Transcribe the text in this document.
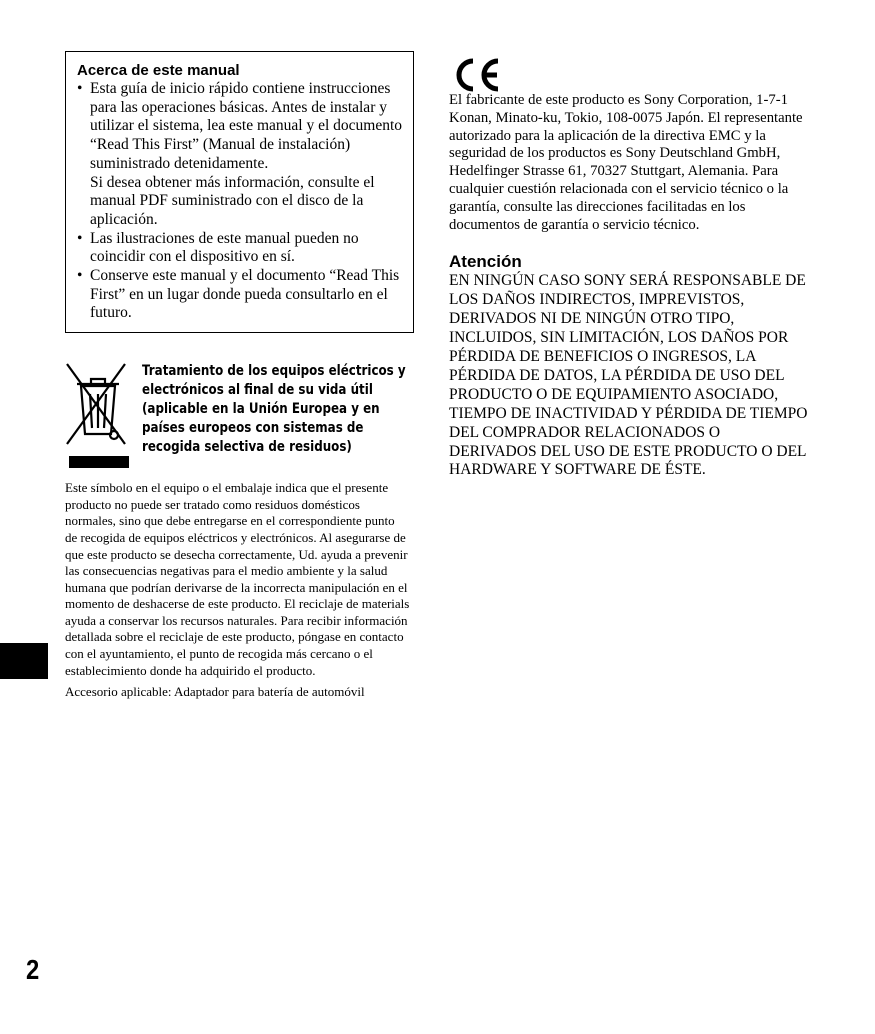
Acerca de este manual

• Esta guía de inicio rápido contiene instrucciones para las operaciones básicas. Antes de instalar y utilizar el sistema, lea este manual y el documento “Read This First” (Manual de instalación) suministrado detenidamente.
Si desea obtener más información, consulte el manual PDF suministrado con el disco de la aplicación.
• Las ilustraciones de este manual pueden no coincidir con el dispositivo en sí.
• Conserve este manual y el documento “Read This First” en un lugar donde pueda consultarlo en el futuro.
Tratamiento de los equipos eléctricos y electrónicos al final de su vida útil (aplicable en la Unión Europea y en países europeos con sistemas de recogida selectiva de residuos)

Este símbolo en el equipo o el embalaje indica que el presente producto no puede ser tratado como residuos domésticos normales, sino que debe entregarse en el correspondiente punto de recogida de equipos eléctricos y electrónicos. Al asegurarse de que este producto se desecha correctamente, Ud. ayuda a prevenir las consecuencias negativas para el medio ambiente y la salud humana que podrían derivarse de la incorrecta manipulación en el momento de deshacerse de este producto. El reciclaje de materials ayuda a conservar los recursos naturales. Para recibir información detallada sobre el reciclaje de este producto, póngase en contacto con el ayuntamiento, el punto de recogida más cercano o el establecimiento donde ha adquirido el producto.

Accesorio aplicable: Adaptador para batería de automóvil

El fabricante de este producto es Sony Corporation, 1-7-1 Konan, Minato-ku, Tokio, 108-0075 Japón. El representante autorizado para la aplicación de la directiva EMC y la seguridad de los productos es Sony Deutschland GmbH, Hedelfinger Strasse 61, 70327 Stuttgart, Alemania. Para cualquier cuestión relacionada con el servicio técnico o la garantía, consulte las direcciones facilitadas en los documentos de garantía o servicio técnico.

Atención

EN NINGÚN CASO SONY SERÁ RESPONSABLE DE LOS DAÑOS INDIRECTOS, IMPREVISTOS, DERIVADOS NI DE NINGÚN OTRO TIPO, INCLUIDOS, SIN LIMITACIÓN, LOS DAÑOS POR PÉRDIDA DE BENEFICIOS O INGRESOS, LA PÉRDIDA DE DATOS, LA PÉRDIDA DE USO DEL PRODUCTO O DE EQUIPAMIENTO ASOCIADO, TIEMPO DE INACTIVIDAD Y PÉRDIDA DE TIEMPO DEL COMPRADOR RELACIONADOS O DERIVADOS DEL USO DE ESTE PRODUCTO O DEL HARDWARE Y SOFTWARE DE ÉSTE.

2
